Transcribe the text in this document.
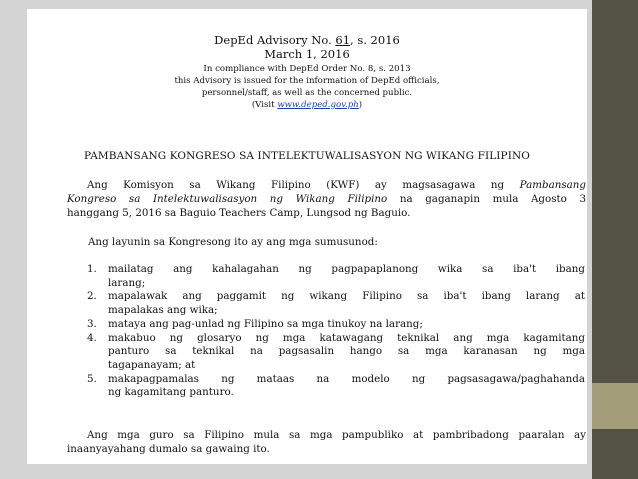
DepEd Advisory No. 61, s. 2016
March 1, 2016
In compliance with DepEd Order No. 8, s. 2013
this Advisory is issued for the information of DepEd officials,
personnel/staff, as well as the concerned public.
(Visit www.deped.gov.ph)
PAMBANSANG KONGRESO SA INTELEKTUWALISASYON NG WIKANG FILIPINO
Ang Komisyon sa Wikang Filipino (KWF) ay magsasagawa ng Pambansang
Kongreso sa Intelektuwalisasyon ng Wikang Filipino na gaganapin mula Agosto 3
hanggang 5, 2016 sa Baguio Teachers Camp, Lungsod ng Baguio.
Ang layunin sa Kongresong ito ay ang mga sumusunod:
1. mailatag ang kahalagahan ng pagpapaplanong wika sa iba't ibang
larang;
2. mapalawak ang paggamit ng wikang Filipino sa iba't ibang larang at
mapalakas ang wika;
3. mataya ang pag-unlad ng Filipino sa mga tinukoy na larang;
4. makabuo ng glosaryo ng mga katawagang teknikal ang mga kagamitang
panturo sa teknikal na pagsasalin hango sa mga karanasan ng mga
tagapanayam; at
5. makapagpamalas ng mataas na modelo ng pagsasagawa/paghahanda
ng kagamitang panturo.
Ang mga guro sa Filipino mula sa mga pampubliko at pambribadong paaralan ay
inaanyayahang dumalo sa gawaing ito.
